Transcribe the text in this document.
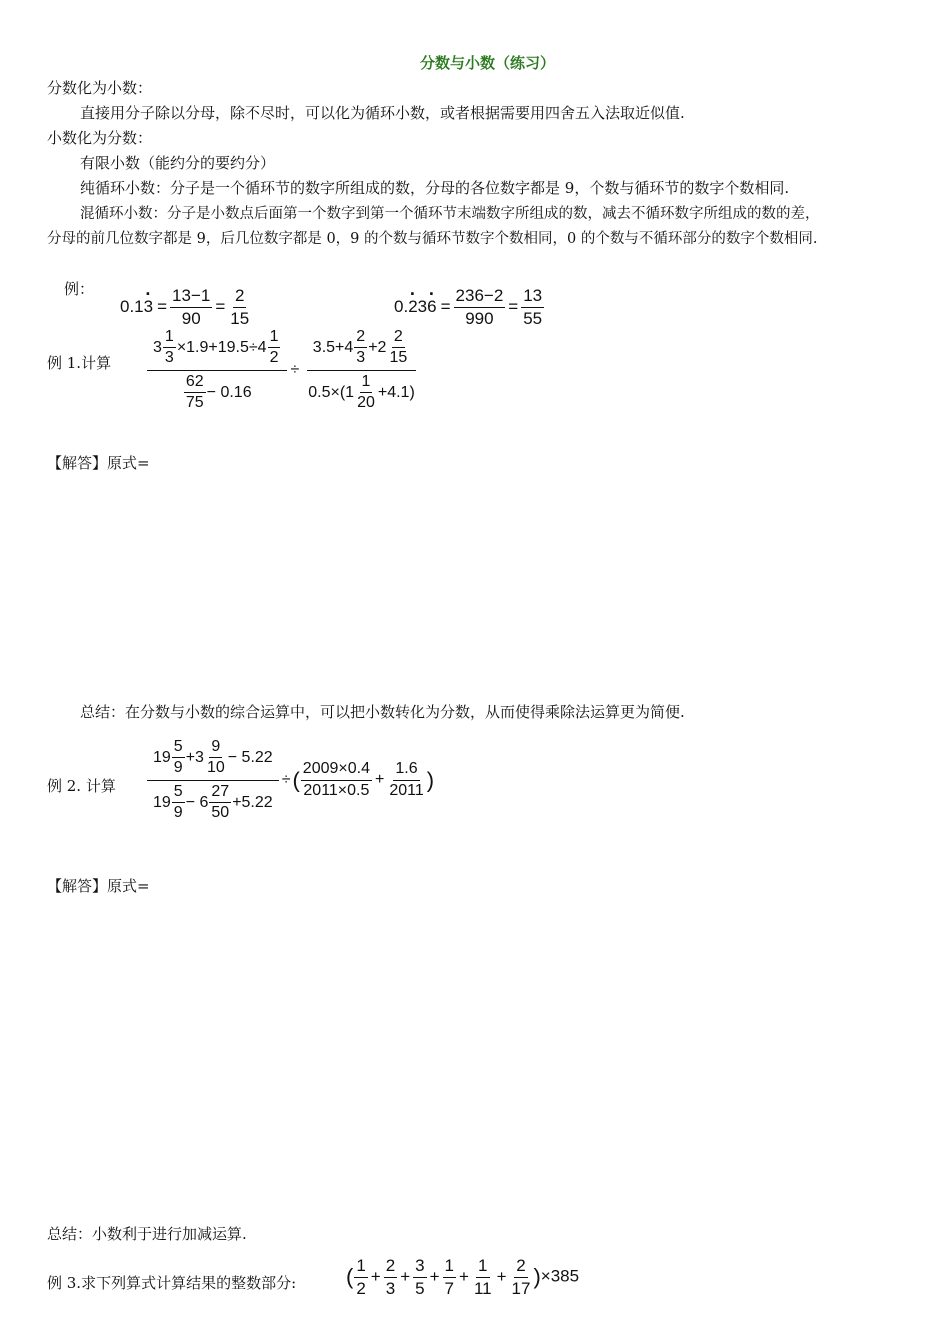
分数与小数（练习）
分数化为小数：
直接用分子除以分母，除不尽时，可以化为循环小数，或者根据需要用四舍五入法取近似值.
小数化为分数：
有限小数（能约分的要约分）
纯循环小数：分子是一个循环节的数字所组成的数，分母的各位数字都是 9，个数与循环节的数字个数相同.
混循环小数：分子是小数点后面第一个数字到第一个循环节末端数字所组成的数，减去不循环数字所组成的数的差，
分母的前几位数字都是 9，后几位数字都是 0，9 的个数与循环节数字个数相同，0 的个数与不循环部分的数字个数相同.
例：
$0.1\cdot 3 = \frac{13-1}{90} = \frac{2}{15}$	$0.\cdot 23\cdot 6 = \frac{236-2}{990} = \frac{13}{55}$
例 1.计算 $\frac{3 \frac{1}{3} \times 1.9+19.5\div 4 \frac{1}{2}}{\frac{62}{75} - 0.16} \div \frac{3.5+4 \frac{2}{3} +2 \frac{2}{15}}{0.5\times(1 \frac{1}{20} +4.1)}$
【解答】原式=
总结：在分数与小数的综合运算中，可以把小数转化为分数，从而使得乘除法运算更为简便.
例 2. 计算 $\frac{19 \frac{5}{9} +3 \frac{9}{10} - 5.22}{19 \frac{5}{9} - 6 \frac{27}{50} +5.22}$ ÷( $\frac{2009\times 0.4}{2011\times 0.5} + \frac{1.6}{2011}$ )
【解答】原式=
总结：小数利于进行加减运算.
例 3.求下列算式计算结果的整数部分: ( $\frac{1}{2} + \frac{2}{3} + \frac{3}{5} + \frac{1}{7} + \frac{1}{11} + \frac{2}{17} )\times 385$
